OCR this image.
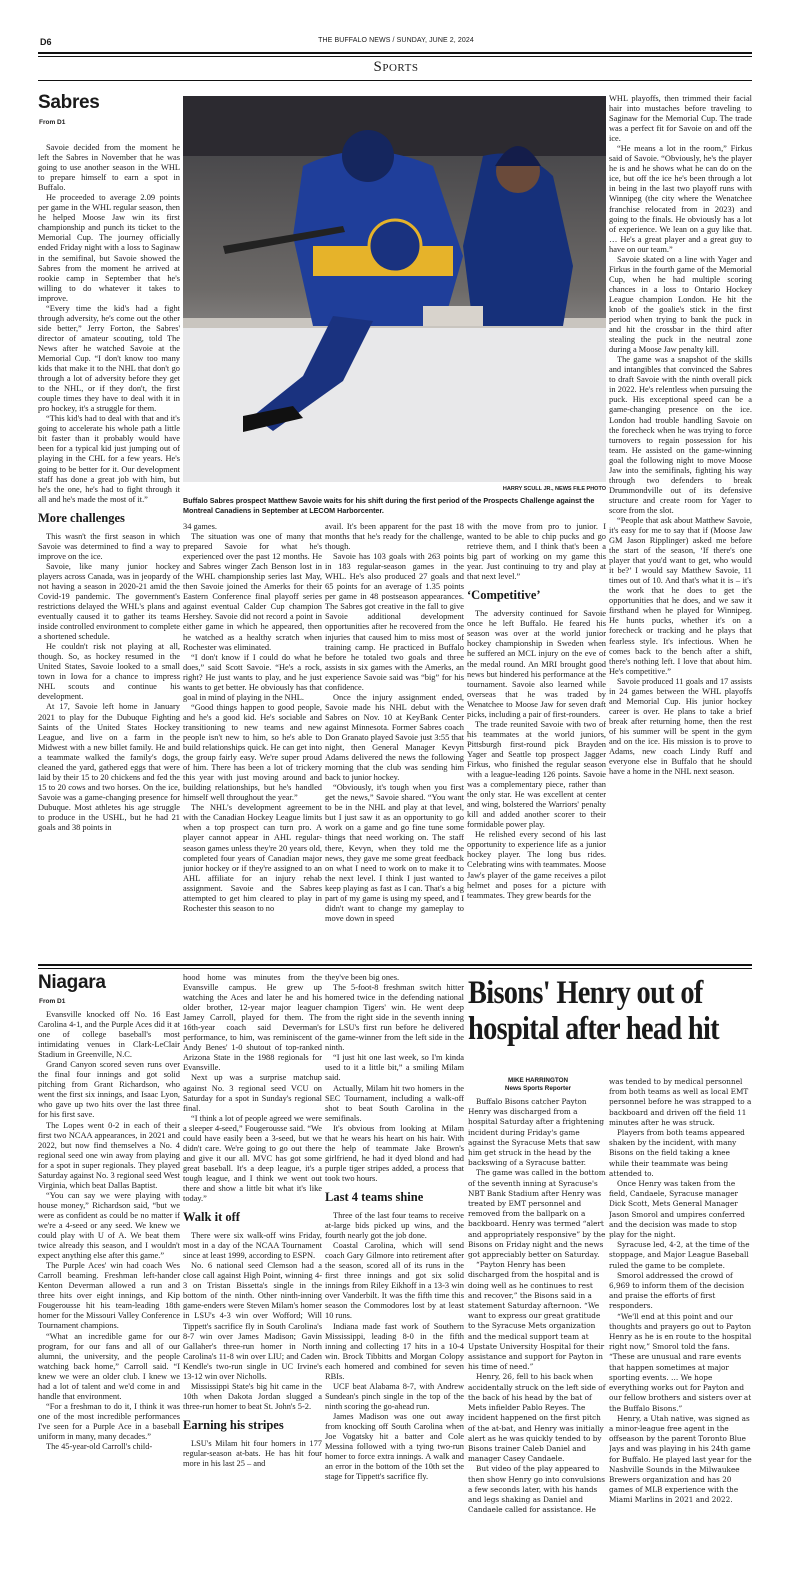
D6	THE BUFFALO NEWS / SUNDAY, JUNE 2, 2024
Sports
Sabres
From D1
HARRY SCULL JR., NEWS FILE PHOTO
Buffalo Sabres prospect Matthew Savoie waits for his shift during the first period of the Prospects Challenge against the Montreal Canadiens in September at LECOM Harborcenter.

Savoie decided from the moment he left the Sabres in November that he was going to use another season in the WHL to prepare himself to earn a spot in Buffalo.

He proceeded to average 2.09 points per game in the WHL regular season, then he helped Moose Jaw win its first championship and punch its ticket to the Memorial Cup. The journey officially ended Friday night with a loss to Saginaw in the semifinal, but Savoie showed the Sabres from the moment he arrived at rookie camp in September that he's willing to do whatever it takes to improve.

“Every time the kid's had a fight through adversity, he's come out the other side better,” Jerry Forton, the Sabres' director of amateur scouting, told The News after he watched Savoie at the Memorial Cup. “I don't know too many kids that make it to the NHL that don't go through a lot of adversity before they get to the NHL, or if they don't, the first couple times they have to deal with it in pro hockey, it's a struggle for them.

“This kid's had to deal with that and it's going to accelerate his whole path a little bit faster than it probably would have been for a typical kid just jumping out of playing in the CHL for a few years. He's going to be better for it. Our development staff has done a great job with him, but he's the one, he's had to fight through it all and he's made the most of it.”

More challenges

This wasn't the first season in which Savoie was determined to find a way to improve on the ice.

Savoie, like many junior hockey players across Canada, was in jeopardy of not having a season in 2020-21 amid the Covid-19 pandemic. The government's restrictions delayed the WHL's plans and eventually caused it to gather its teams inside controlled environment to complete a shortened schedule.

He couldn't risk not playing at all, though. So, as hockey resumed in the United States, Savoie looked to a small town in Iowa for a chance to impress NHL scouts and continue his development.

At 17, Savoie left home in January 2021 to play for the Dubuque Fighting Saints of the United States Hockey League, and live on a farm in the Midwest with a new billet family. He and a teammate walked the family's dogs, cleaned the yard, gathered eggs that were laid by their 15 to 20 chickens and fed the 15 to 20 cows and two horses. On the ice, Savoie was a game-changing presence for Dubuque. Most athletes his age struggle to produce in the USHL, but he had 21 goals and 38 points in

34 games.

The situation was one of many that prepared Savoie for what he's experienced over the past 12 months. He and Sabres winger Zach Benson lost in the WHL championship series last May, then Savoie joined the Amerks for their Eastern Conference final playoff series against eventual Calder Cup champion Hershey. Savoie did not record a point in either game in which he appeared, then he watched as a healthy scratch when Rochester was eliminated.

“I don't know if I could do what he does,” said Scott Savoie. “He's a rock, right? He just wants to play, and he just wants to get better. He obviously has that goal in mind of playing in the NHL.

“Good things happen to good people, and he's a good kid. He's sociable and transitioning to new teams and new people isn't new to him, so he's able to build relationships quick. He can get into the group fairly easy. We're super proud of him. There has been a lot of trickery this year with just moving around and building relationships, but he's handled himself well throughout the year.”

The NHL's development agreement with the Canadian Hockey League limits when a top prospect can turn pro. A player cannot appear in AHL regular-season games unless they're 20 years old, completed four years of Canadian major junior hockey or if they're assigned to an AHL affiliate for an injury rehab assignment. Savoie and the Sabres attempted to get him cleared to play in Rochester this season to no

avail. It's been apparent for the past 18 months that he's ready for the challenge, though.

Savoie has 103 goals with 263 points in 183 regular-season games in the WHL. He's also produced 27 goals and 65 points for an average of 1.35 points per game in 48 postseason appearances. The Sabres got creative in the fall to give Savoie additional development opportunities after he recovered from the injuries that caused him to miss most of training camp. He practiced in Buffalo before he totaled two goals and three assists in six games with the Amerks, an experience Savoie said was “big” for his confidence.

Once the injury assignment ended, Savoie made his NHL debut with the Sabres on Nov. 10 at KeyBank Center against Minnesota. Former Sabres coach Don Granato played Savoie just 3:55 that night, then General Manager Kevyn Adams delivered the news the following morning that the club was sending him back to junior hockey.

“Obviously, it's tough when you first get the news,” Savoie shared. “You want to be in the NHL and play at that level, but I just saw it as an opportunity to go work on a game and go fine tune some things that need working on. The staff there, Kevyn, when they told me the news, they gave me some great feedback on what I need to work on to make it to the next level. I think I just wanted to keep playing as fast as I can. That's a big part of my game is using my speed, and I didn't want to change my gameplay to move down in speed

with the move from pro to junior. I wanted to be able to chip pucks and go retrieve them, and I think that's been a big part of working on my game this year. Just continuing to try and play at that next level.”

‘Competitive’

The adversity continued for Savoie once he left Buffalo. He feared his season was over at the world junior hockey championship in Sweden when he suffered an MCL injury on the eve of the medal round. An MRI brought good news but hindered his performance at the tournament. Savoie also learned while overseas that he was traded by Wenatchee to Moose Jaw for seven draft picks, including a pair of first-rounders.

The trade reunited Savoie with two of his teammates at the world juniors, Pittsburgh first-round pick Brayden Yager and Seattle top prospect Jagger Firkus, who finished the regular season with a league-leading 126 points. Savoie was a complementary piece, rather than the only star. He was excellent at center and wing, bolstered the Warriors' penalty kill and added another scorer to their formidable power play.

He relished every second of his last opportunity to experience life as a junior hockey player. The long bus rides. Celebrating wins with teammates. Moose Jaw's player of the game receives a pilot helmet and poses for a picture with teammates. They grew beards for the

WHL playoffs, then trimmed their facial hair into mustaches before traveling to Saginaw for the Memorial Cup. The trade was a perfect fit for Savoie on and off the ice.

“He means a lot in the room,” Firkus said of Savoie. “Obviously, he's the player he is and he shows what he can do on the ice, but off the ice he's been through a lot in being in the last two playoff runs with Winnipeg (the city where the Wenatchee franchise relocated from in 2023) and going to the finals. He obviously has a lot of experience. We lean on a guy like that. … He's a great player and a great guy to have on our team.”

Savoie skated on a line with Yager and Firkus in the fourth game of the Memorial Cup, when he had multiple scoring chances in a loss to Ontario Hockey League champion London. He hit the knob of the goalie's stick in the first period when trying to bank the puck in and hit the crossbar in the third after stealing the puck in the neutral zone during a Moose Jaw penalty kill.

The game was a snapshot of the skills and intangibles that convinced the Sabres to draft Savoie with the ninth overall pick in 2022. He's relentless when pursuing the puck. His exceptional speed can be a game-changing presence on the ice. London had trouble handling Savoie on the forecheck when he was trying to force turnovers to regain possession for his team. He assisted on the game-winning goal the following night to move Moose Jaw into the semifinals, fighting his way through two defenders to break Drummondville out of its defensive structure and create room for Yager to score from the slot.

“People that ask about Matthew Savoie, it's easy for me to say that if (Moose Jaw GM Jason Ripplinger) asked me before the start of the season, ‘If there's one player that you'd want to get, who would it be?’ I would say Matthew Savoie, 11 times out of 10. And that's what it is – it's the work that he does to get the opportunities that he does, and we saw it firsthand when he played for Winnipeg. He hunts pucks, whether it's on a forecheck or tracking and he plays that fearless style. It's infectious. When he comes back to the bench after a shift, there's nothing left. I love that about him. He's competitive.”

Savoie produced 11 goals and 17 assists in 24 games between the WHL playoffs and Memorial Cup. His junior hockey career is over. He plans to take a brief break after returning home, then the rest of his summer will be spent in the gym and on the ice. His mission is to prove to Adams, new coach Lindy Ruff and everyone else in Buffalo that he should have a home in the NHL next season.

Niagara
From D1

Evansville knocked off No. 16 East Carolina 4-1, and the Purple Aces did it at one of college baseball's most intimidating venues in Clark-LeClair Stadium in Greenville, N.C.

Grand Canyon scored seven runs over the final four innings and got solid pitching from Grant Richardson, who went the first six innings, and Isaac Lyon, who gave up two hits over the last three for his first save.

The Lopes went 0-2 in each of their first two NCAA appearances, in 2021 and 2022, but now find themselves a No. 4 regional seed one win away from playing for a spot in super regionals. They played Saturday against No. 3 regional seed West Virginia, which beat Dallas Baptist.

“You can say we were playing with house money,” Richardson said, “but we were as confident as could be no matter if we're a 4-seed or any seed. We knew we could play with U of A. We beat them twice already this season, and I wouldn't expect anything else after this game.”

The Purple Aces' win had coach Wes Carroll beaming. Freshman left-hander Kenton Deverman allowed a run and three hits over eight innings, and Kip Fougerousse hit his team-leading 18th homer for the Missouri Valley Conference Tournament champions.

“What an incredible game for our program, for our fans and all of our alumni, the university, and the people watching back home,” Carroll said. “I knew we were an older club. I knew we had a lot of talent and we'd come in and handle that environment.

“For a freshman to do it, I think it was one of the most incredible performances I've seen for a Purple Ace in a baseball uniform in many, many decades.”

The 45-year-old Carroll's child-

hood home was minutes from the Evansville campus. He grew up watching the Aces and later he and his older brother, 12-year major leaguer Jamey Carroll, played for them. The 16th-year coach said Deverman's performance, to him, was reminiscent of Andy Benes' 1-0 shutout of top-ranked Arizona State in the 1988 regionals for Evansville.

Next up was a surprise matchup against No. 3 regional seed VCU on Saturday for a spot in Sunday's regional final.

“I think a lot of people agreed we were a sleeper 4-seed,” Fougerousse said. “We could have easily been a 3-seed, but we didn't care. We're going to go out there and give it our all. MVC has got some great baseball. It's a deep league, it's a tough league, and I think we went out there and show a little bit what it's like today.”

Walk it off

There were six walk-off wins Friday, most in a day of the NCAA Tournament since at least 1999, according to ESPN.

No. 6 national seed Clemson had a close call against High Point, winning 4-3 on Tristan Bissetta's single in the bottom of the ninth. Other ninth-inning game-enders were Steven Milam's homer in LSU's 4-3 win over Wofford; Will Tippett's sacrifice fly in South Carolina's 8-7 win over James Madison; Gavin Gallaher's three-run homer in North Carolina's 11-8 win over LIU; and Caden Kendle's two-run single in UC Irvine's 13-12 win over Nicholls.

Mississippi State's big hit came in the 10th when Dakota Jordan slugged a three-run homer to beat St. John's 5-2.

Earning his stripes

LSU's Milam hit four homers in 177 regular-season at-bats. He has hit four more in his last 25 – and

they've been big ones.

The 5-foot-8 freshman switch hitter homered twice in the defending national champion Tigers' win. He went deep from the right side in the seventh inning for LSU's first run before he delivered the game-winner from the left side in the ninth.

“I just hit one last week, so I'm kinda used to it a little bit,” a smiling Milam said.

Actually, Milam hit two homers in the SEC Tournament, including a walk-off shot to beat South Carolina in the semifinals.

It's obvious from looking at Milam that he wears his heart on his hair. With the help of teammate Jake Brown's girlfriend, he had it dyed blond and had purple tiger stripes added, a process that took two hours.

Last 4 teams shine

Three of the last four teams to receive at-large bids picked up wins, and the fourth nearly got the job done.

Coastal Carolina, which will send coach Gary Gilmore into retirement after the season, scored all of its runs in the first three innings and got six solid innings from Riley Eikhoff in a 13-3 win over Vanderbilt. It was the fifth time this season the Commodores lost by at least 10 runs.

Indiana made fast work of Southern Mississippi, leading 8-0 in the fifth inning and collecting 17 hits in a 10-4 win. Brock Tibbitts and Morgan Colopy each homered and combined for seven RBIs.

UCF beat Alabama 8-7, with Andrew Sundean's pinch single in the top of the ninth scoring the go-ahead run.

James Madison was one out away from knocking off South Carolina when Joe Vogatsky hit a batter and Cole Messina followed with a tying two-run homer to force extra innings. A walk and an error in the bottom of the 10th set the stage for Tippett's sacrifice fly.

Bisons' Henry out of hospital after head hit
MIKE HARRINGTON
News Sports Reporter

Buffalo Bisons catcher Payton Henry was discharged from a hospital Saturday after a frightening incident during Friday's game against the Syracuse Mets that saw him get struck in the head by the backswing of a Syracuse batter.

The game was called in the bottom of the seventh inning at Syracuse's NBT Bank Stadium after Henry was treated by EMT personnel and removed from the ballpark on a backboard. Henry was termed “alert and appropriately responsive” by the Bisons on Friday night and the news got appreciably better on Saturday.

“Payton Henry has been discharged from the hospital and is doing well as he continues to rest and recover,” the Bisons said in a statement Saturday afternoon. “We want to express our great gratitude to the Syracuse Mets organization and the medical support team at Upstate University Hospital for their assistance and support for Payton in his time of need.”

Henry, 26, fell to his back when accidentally struck on the left side of the back of his head by the bat of Mets infielder Pablo Reyes. The incident happened on the first pitch of the at-bat, and Henry was initially alert as he was quickly tended to by Bisons trainer Caleb Daniel and manager Casey Candaele.

But video of the play appeared to then show Henry go into convulsions a few seconds later, with his hands and legs shaking as Daniel and Candaele called for assistance. He

was tended to by medical personnel from both teams as well as local EMT personnel before he was strapped to a backboard and driven off the field 11 minutes after he was struck.

Players from both teams appeared shaken by the incident, with many Bisons on the field taking a knee while their teammate was being attended to.

Once Henry was taken from the field, Candaele, Syracuse manager Dick Scott, Mets General Manager Jason Smorol and umpires conferred and the decision was made to stop play for the night.

Syracuse led, 4-2, at the time of the stoppage, and Major League Baseball ruled the game to be complete.

Smorol addressed the crowd of 6,969 to inform them of the decision and praise the efforts of first responders.

“We'll end at this point and our thoughts and prayers go out to Payton Henry as he is en route to the hospital right now,” Smorol told the fans. “These are unusual and rare events that happen sometimes at major sporting events. … We hope everything works out for Payton and our fellow brothers and sisters over at the Buffalo Bisons.”

Henry, a Utah native, was signed as a minor-league free agent in the offseason by the parent Toronto Blue Jays and was playing in his 24th game for Buffalo. He played last year for the Nashville Sounds in the Milwaukee Brewers organization and has 20 games of MLB experience with the Miami Marlins in 2021 and 2022.
